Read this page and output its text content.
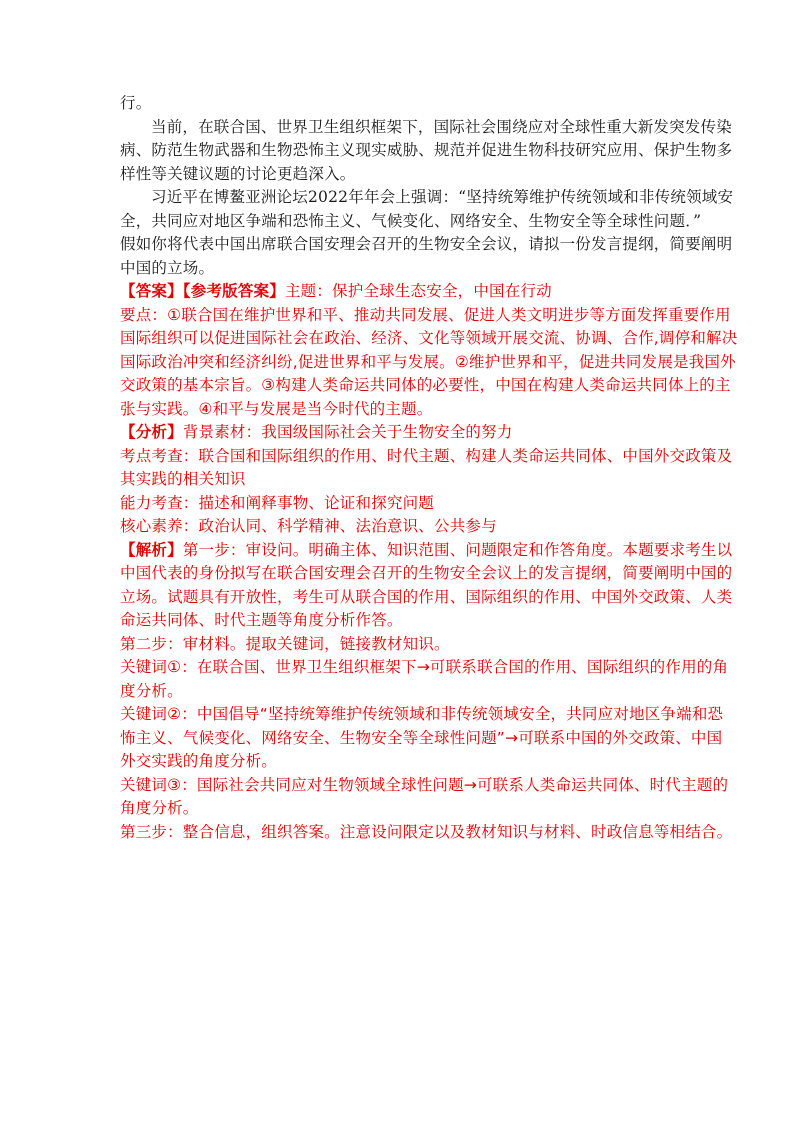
行。
当前，在联合国、世界卫生组织框架下，国际社会围绕应对全球性重大新发突发传染
病、防范生物武器和生物恐怖主义现实威胁、规范并促进生物科技研究应用、保护生物多
样性等关键议题的讨论更趋深入。
习近平在博鳌亚洲论坛2022年年会上强调：“坚持统筹维护传统领域和非传统领域安
全，共同应对地区争端和恐怖主义、气候变化、网络安全、生物安全等全球性问题．”
假如你将代表中国出席联合国安理会召开的生物安全会议，请拟一份发言提纲，简要阐明
中国的立场。
【答案】【参考版答案】主题：保护全球生态安全，中国在行动
要点：①联合国在维护世界和平、推动共同发展、促进人类文明进步等方面发挥重要作用
国际组织可以促进国际社会在政治、经济、文化等领域开展交流、协调、合作,调停和解决
国际政治冲突和经济纠纷,促进世界和平与发展。②维护世界和平，促进共同发展是我国外
交政策的基本宗旨。③构建人类命运共同体的必要性，中国在构建人类命运共同体上的主
张与实践。④和平与发展是当今时代的主题。
【分析】背景素材：我国级国际社会关于生物安全的努力
考点考查：联合国和国际组织的作用、时代主题、构建人类命运共同体、中国外交政策及
其实践的相关知识
能力考查：描述和阐释事物、论证和探究问题
核心素养：政治认同、科学精神、法治意识、公共参与
【解析】第一步：审设问。明确主体、知识范围、问题限定和作答角度。本题要求考生以
中国代表的身份拟写在联合国安理会召开的生物安全会议上的发言提纲，简要阐明中国的
立场。试题具有开放性，考生可从联合国的作用、国际组织的作用、中国外交政策、人类
命运共同体、时代主题等角度分析作答。
第二步：审材料。提取关键词，链接教材知识。
关键词①：在联合国、世界卫生组织框架下→可联系联合国的作用、国际组织的作用的角
度分析。
关键词②：中国倡导“坚持统筹维护传统领域和非传统领域安全，共同应对地区争端和恐
怖主义、气候变化、网络安全、生物安全等全球性问题”→可联系中国的外交政策、中国
外交实践的角度分析。
关键词③：国际社会共同应对生物领域全球性问题→可联系人类命运共同体、时代主题的
角度分析。
第三步：整合信息，组织答案。注意设问限定以及教材知识与材料、时政信息等相结合。
